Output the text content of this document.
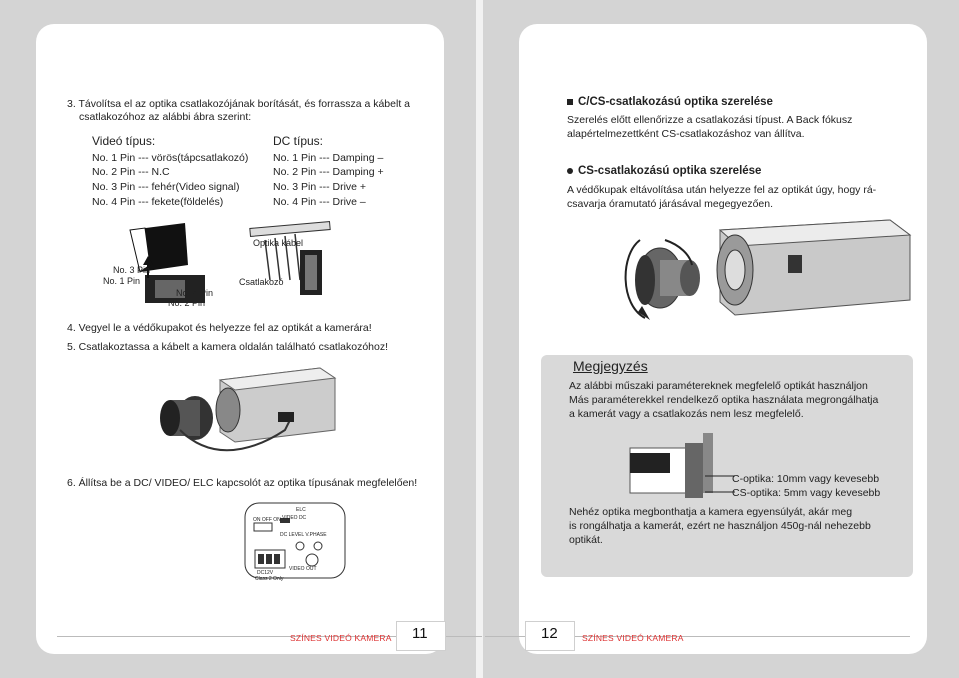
3. Távolítsa el az optika csatlakozójának borítását, és forrassza a kábelt a
csatlakozóhoz az alábbi ábra szerint:
Videó típus:
No. 1 Pin --- vörös(tápcsatlakozó)
No. 2 Pin --- N.C
No. 3 Pin --- fehér(Video signal)
No. 4 Pin --- fekete(földelés)
DC típus:
No. 1 Pin --- Damping –
No. 2 Pin --- Damping +
No. 3 Pin --- Drive +
No. 4 Pin --- Drive –
Optika kábel
No. 3 Pin
No. 1 Pin
No. 4 Pin
No. 2 Pin
Csatlakozó
4. Vegyel le a védőkupakot és helyezze fel az optikát a kamerára!
5. Csatlakoztassa a kábelt a kamera oldalán található csatlakozóhoz!
6. Állítsa be a DC/ VIDEO/ ELC kapcsolót az optika típusának megfelelően!
ELC
VIDEO DC
ON OFF ON
DC LEVEL V.PHASE
VIDEO OUT
DC12V
Class 2 Only
SZÍNES VIDEÓ KAMERA 11
C/CS-csatlakozású optika szerelése
Szerelés előtt ellenőrizze a csatlakozási típust. A Back fókusz
alapértelmezettként CS-csatlakozáshoz van állítva.
CS-csatlakozású optika szerelése
A védőkupak eltávolítása után helyezze fel az optikát úgy, hogy rá-
csavarja óramutató járásával megegyezően.
Megjegyzés
Az alábbi műszaki paramétereknek megfelelő optikát használjon
Más paraméterekkel rendelkező optika használata megrongálhatja
a kamerát vagy a csatlakozás nem lesz megfelelő.
C-optika: 10mm vagy kevesebb
CS-optika: 5mm vagy kevesebb
Nehéz optika megbonthatja a kamera egyensúlyát, akár meg
is rongálhatja a kamerát, ezért ne használjon 450g-nál nehezebb
optikát.
12	SZÍNES VIDEÓ KAMERA
